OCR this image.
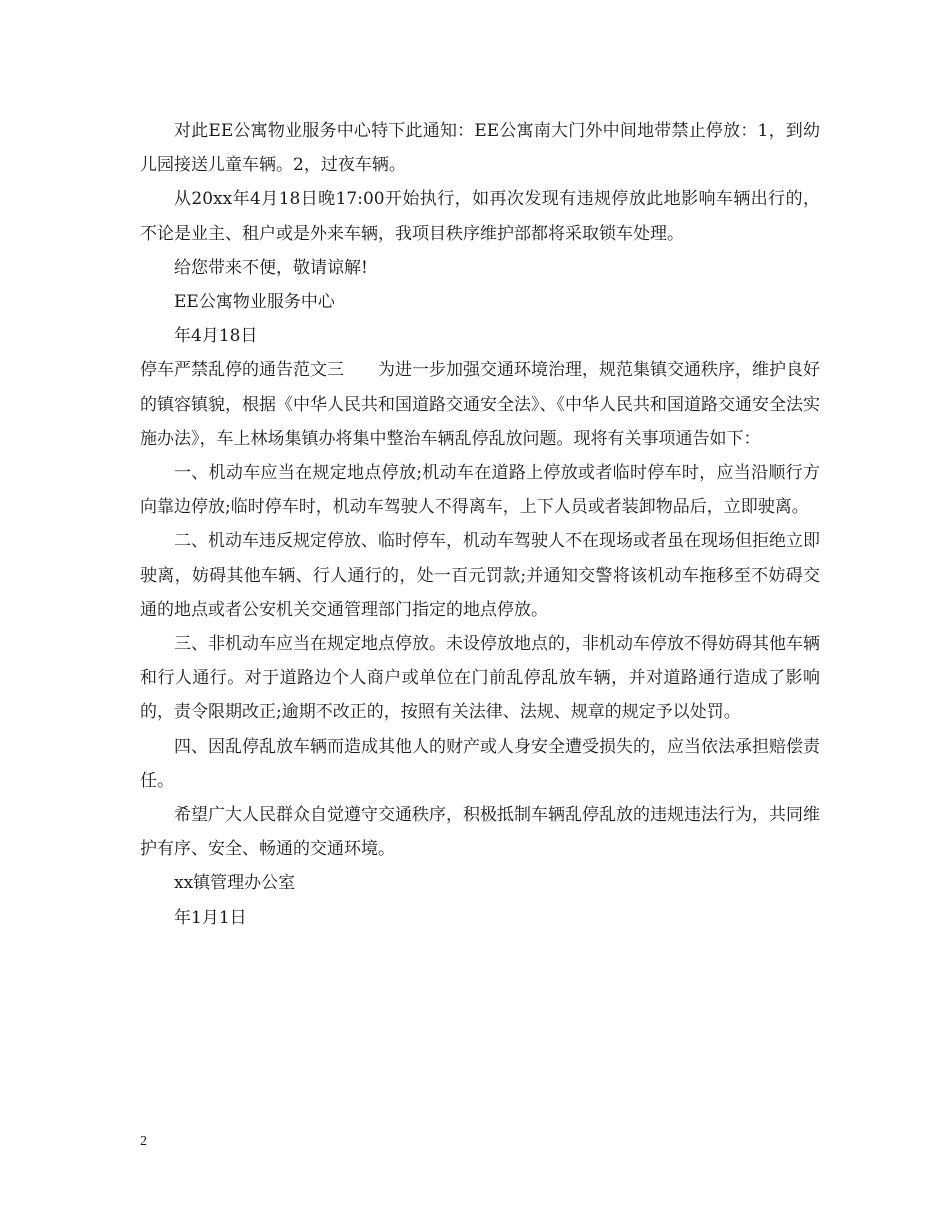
对此EE公寓物业服务中心特下此通知：EE公寓南大门外中间地带禁止停放：1，到幼儿园接送儿童车辆。2，过夜车辆。

从20xx年4月18日晚17:00开始执行，如再次发现有违规停放此地影响车辆出行的，不论是业主、租户或是外来车辆，我项目秩序维护部都将采取锁车处理。

给您带来不便，敬请谅解!

EE公寓物业服务中心

年4月18日

停车严禁乱停的通告范文三　　为进一步加强交通环境治理，规范集镇交通秩序，维护良好的镇容镇貌，根据《中华人民共和国道路交通安全法》、《中华人民共和国道路交通安全法实施办法》，车上林场集镇办将集中整治车辆乱停乱放问题。现将有关事项通告如下：

一、机动车应当在规定地点停放;机动车在道路上停放或者临时停车时，应当沿顺行方向靠边停放;临时停车时，机动车驾驶人不得离车，上下人员或者装卸物品后，立即驶离。

二、机动车违反规定停放、临时停车，机动车驾驶人不在现场或者虽在现场但拒绝立即驶离，妨碍其他车辆、行人通行的，处一百元罚款;并通知交警将该机动车拖移至不妨碍交通的地点或者公安机关交通管理部门指定的地点停放。

三、非机动车应当在规定地点停放。未设停放地点的，非机动车停放不得妨碍其他车辆和行人通行。对于道路边个人商户或单位在门前乱停乱放车辆，并对道路通行造成了影响的，责令限期改正;逾期不改正的，按照有关法律、法规、规章的规定予以处罚。

四、因乱停乱放车辆而造成其他人的财产或人身安全遭受损失的，应当依法承担赔偿责任。

希望广大人民群众自觉遵守交通秩序，积极抵制车辆乱停乱放的违规违法行为，共同维护有序、安全、畅通的交通环境。

xx镇管理办公室

年1月1日

2
